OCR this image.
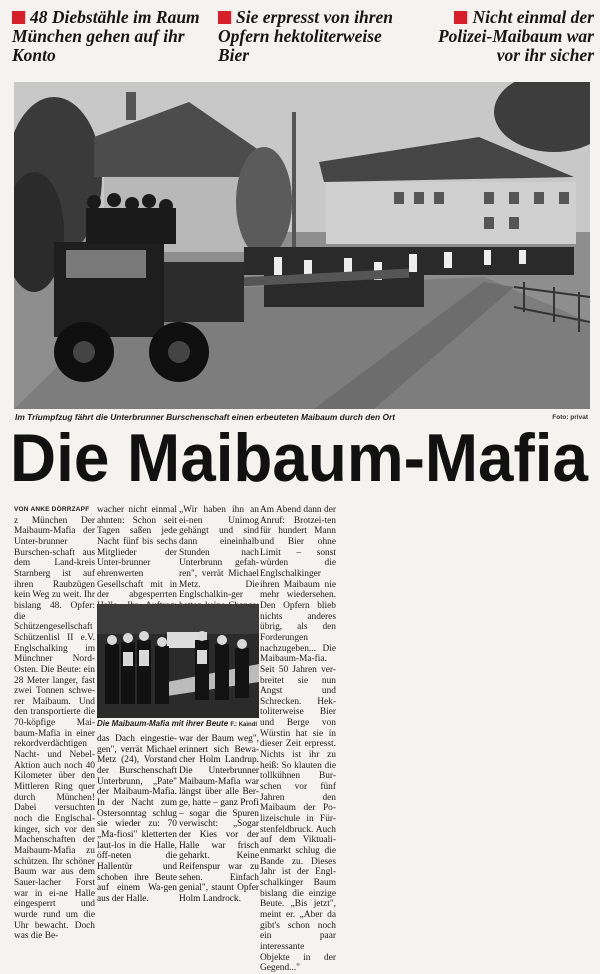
48 Diebstähle im Raum München gehen auf ihr Konto
Sie erpresst von ihren Opfern hektoliterweise Bier
Nicht einmal der Polizei-Maibaum war vor ihr sicher
Im Triumpfzug fährt die Unterbrunner Burschenschaft einen erbeuteten Maibaum durch den Ort	Foto: privat
Die Maibaum-Mafia
VON ANKE DÖRRZAPF

z München Der Maibaum-Mafia der Unter-brunner Burschen-schaft aus dem Land-kreis Starnberg ist auf ihren Raubzügen kein Weg zu weit. Ihr bislang 48. Opfer: die Schützengesellschaft Schützenlisl II e.V. Englschalking im Münchner Nord-Osten. Die Beute: ein 28 Meter langer, fast zwei Tonnen schwe-rer Maibaum. Und den transportierte die 70-köpfige Mai-baum-Mafia in einer rekordverdächtigen Nacht- und Nebel-Aktion auch noch 40 Kilometer über den Mittleren Ring quer durch München! Dabei versuchten noch die Englschal-kinger, sich vor den Machenschaften der Maibaum-Mafia zu schützen. Ihr schöner Baum war aus dem Sauer-lacher Forst war in ei-ne Halle eingesperrt und wurde rund um die Uhr bewacht. Doch was die Be-

wacher nicht einmal ahnten: Schon seit Tagen saßen jede Nacht fünf bis sechs Mitglieder der Unter-brunner ehrenwerten Gesellschaft mit in der abgesperrten

„Wir haben ihn an ei-nen Unimog gehängt und sind dann eineinhalb Stunden nach Unterbrunn gefah-ren", verrät Michael Metz. Die Englschalkin-ger

Die Maibaum-Mafia mit ihrer Beute F.: Kaindl

das Dach eingestie-gen", verrät Michael Metz (24), Vorstand der Burschenschaft Unterbrunn, „Pate" der Maibaum-Mafia. In der Nacht zum Ostersonntag schlug sie wieder zu: 70 „Ma-fiosi" kletterten laut-los in die Halle, öff-neten die Hallentür und schoben ihre Beute auf einem Wa-gen aus der Halle.

war der Baum weg", erinnert sich Bewa-cher Holm Landrup. Die Unterbrunner Maibaum-Mafia war längst über alle Ber-ge, hatte – ganz Profi – sogar die Spuren verwischt: „Sogar der Kies vor der Halle war frisch geharkt. Keine Reifenspur war zu sehen. Einfach genial", staunt Opfer Holm Landrock.

Am Abend dann der Anruf: Brotzei-ten für hundert Mann und Bier ohne Limit – sonst würden die Englschalkinger ihren Maibaum nie mehr wiedersehen. Den Opfern blieb nichts anderes übrig, als den Forderungen nachzugeben... Die Maibaum-Ma-fia. Seit 50 Jahren ver-breitet sie nun Angst und Schrecken. Hek-toliterweise Bier und Berge von Würstin hat sie in dieser Zeit erpresst. Nichts ist ihr zu heiß: So klauten die tollkühnen Bur-schen vor fünf Jahren den Maibaum der Po-lizeischule in Für-stenfeldbruck. Auch auf dem Viktuali-enmarkt schlug die Bande zu. Dieses Jahr ist der Engl-schalkinger Baum bislang die einzige Beute. „Bis jetzt", meint er. „Aber da gibt's schon noch ein paar interessante Objekte in der Gegend..."
